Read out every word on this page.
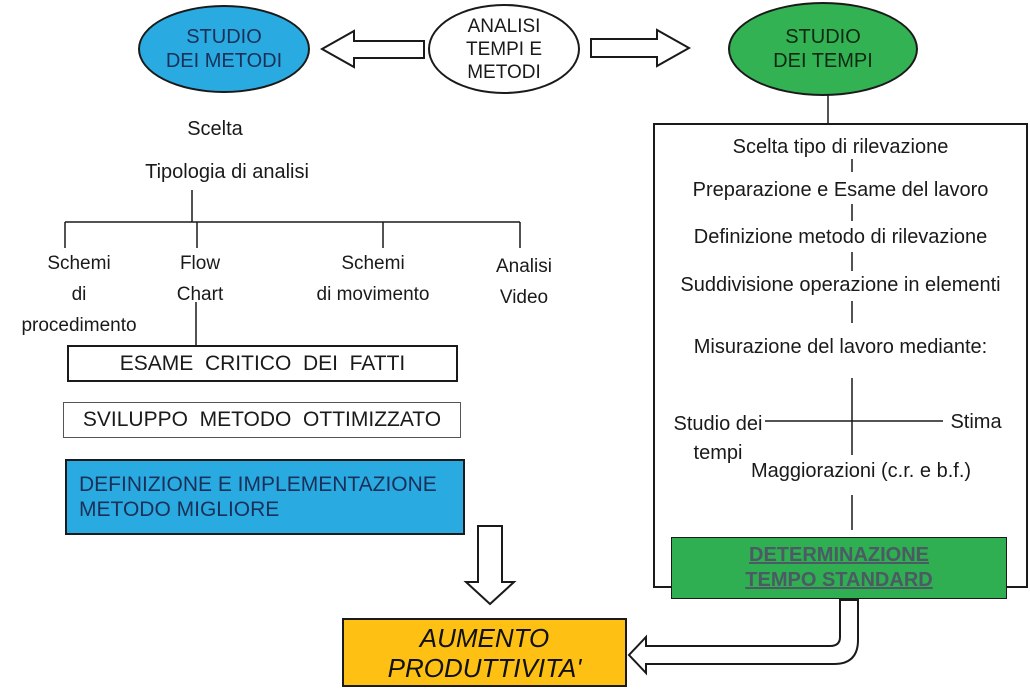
STUDIO
DEI METODI
ANALISI
TEMPI E
METODI
STUDIO
DEI TEMPI
Scelta
Tipologia di analisi
Schemi
di
procedimento
Flow
Chart
Schemi
di movimento
Analisi
Video
ESAME  CRITICO  DEI  FATTI
SVILUPPO  METODO  OTTIMIZZATO
DEFINIZIONE E IMPLEMENTAZIONE
METODO MIGLIORE
Scelta tipo di rilevazione
Preparazione e Esame del lavoro
Definizione metodo di rilevazione
Suddivisione operazione in elementi
Misurazione del lavoro mediante:
Studio dei
tempi
Stima
Maggiorazioni (c.r. e b.f.)
DETERMINAZIONE
TEMPO STANDARD
AUMENTO
PRODUTTIVITA'
